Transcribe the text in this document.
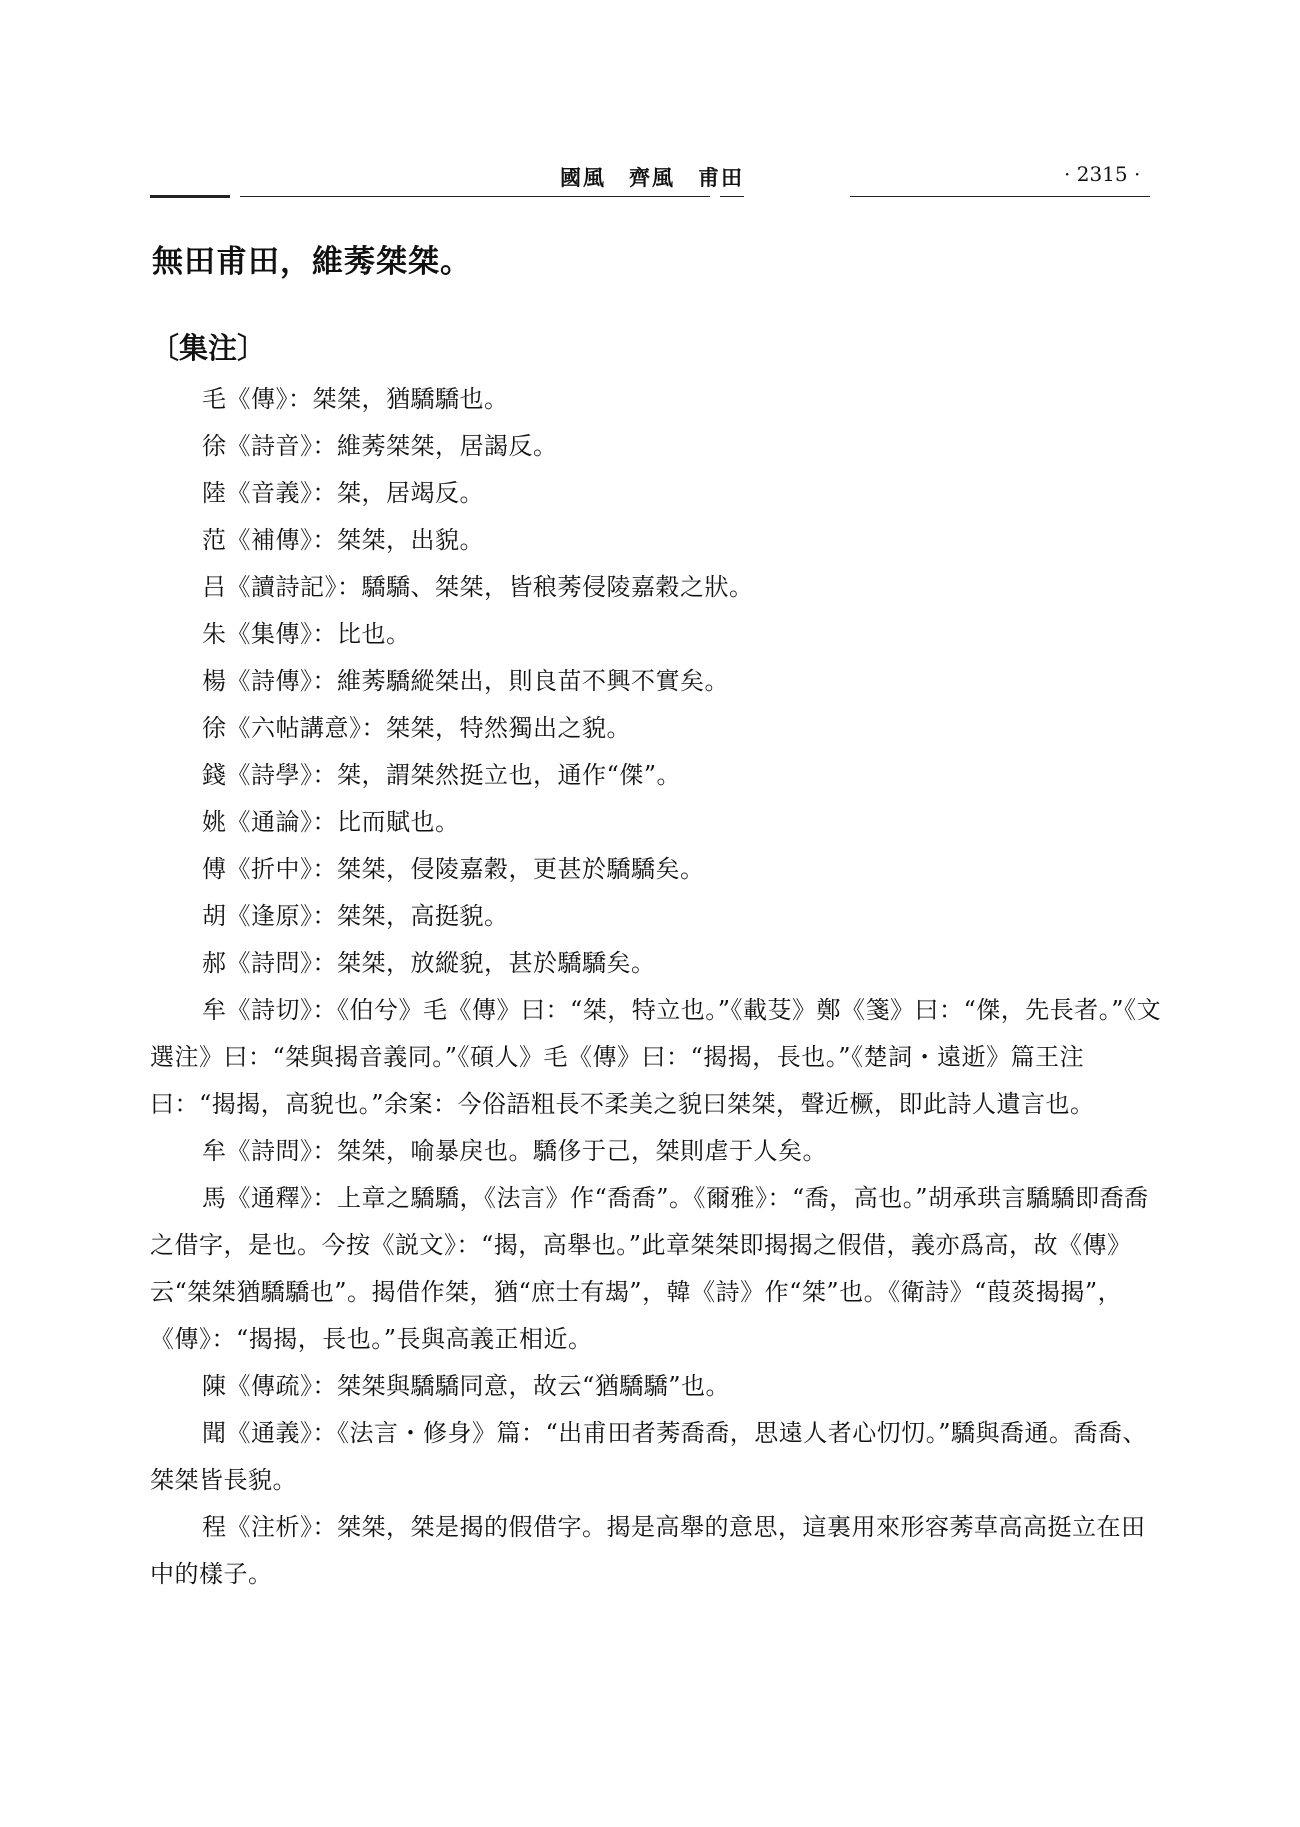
國風　齊風　甫田	· 2315 ·
無田甫田，維莠桀桀。
〔集注〕

毛《傳》：桀桀，猶驕驕也。

徐《詩音》：維莠桀桀，居謁反。

陸《音義》：桀，居竭反。

范《補傳》：桀桀，出貌。

吕《讀詩記》：驕驕、桀桀，皆稂莠侵陵嘉穀之狀。

朱《集傳》：比也。

楊《詩傳》：維莠驕縱桀出，則良苗不興不實矣。

徐《六帖講意》：桀桀，特然獨出之貌。

錢《詩學》：桀，謂桀然挺立也，通作“傑”。

姚《通論》：比而賦也。

傅《折中》：桀桀，侵陵嘉穀，更甚於驕驕矣。

胡《逢原》：桀桀，高挺貌。

郝《詩問》：桀桀，放縱貌，甚於驕驕矣。

牟《詩切》：《伯兮》毛《傳》曰：“桀，特立也。”《載芟》鄭《箋》曰：“傑，先長者。”《文選注》曰：“桀與揭音義同。”《碩人》毛《傳》曰：“揭揭，長也。”《楚詞・遠逝》篇王注曰：“揭揭，高貌也。”余案：今俗語粗長不柔美之貌曰桀桀，聲近橛，即此詩人遺言也。

牟《詩問》：桀桀，喻暴戾也。驕侈于己，桀則虐于人矣。

馬《通釋》：上章之驕驕，《法言》作“喬喬”。《爾雅》：“喬，高也。”胡承珙言驕驕即喬喬之借字，是也。今按《説文》：“揭，高舉也。”此章桀桀即揭揭之假借，義亦爲高，故《傳》云“桀桀猶驕驕也”。揭借作桀，猶“庶士有朅”，韓《詩》作“桀”也。《衛詩》“葭菼揭揭”，《傳》：“揭揭，長也。”長與高義正相近。

陳《傳疏》：桀桀與驕驕同意，故云“猶驕驕”也。

聞《通義》：《法言・修身》篇：“出甫田者莠喬喬，思遠人者心忉忉。”驕與喬通。喬喬、桀桀皆長貌。

程《注析》：桀桀，桀是揭的假借字。揭是高舉的意思，這裏用來形容莠草高高挺立在田中的樣子。
